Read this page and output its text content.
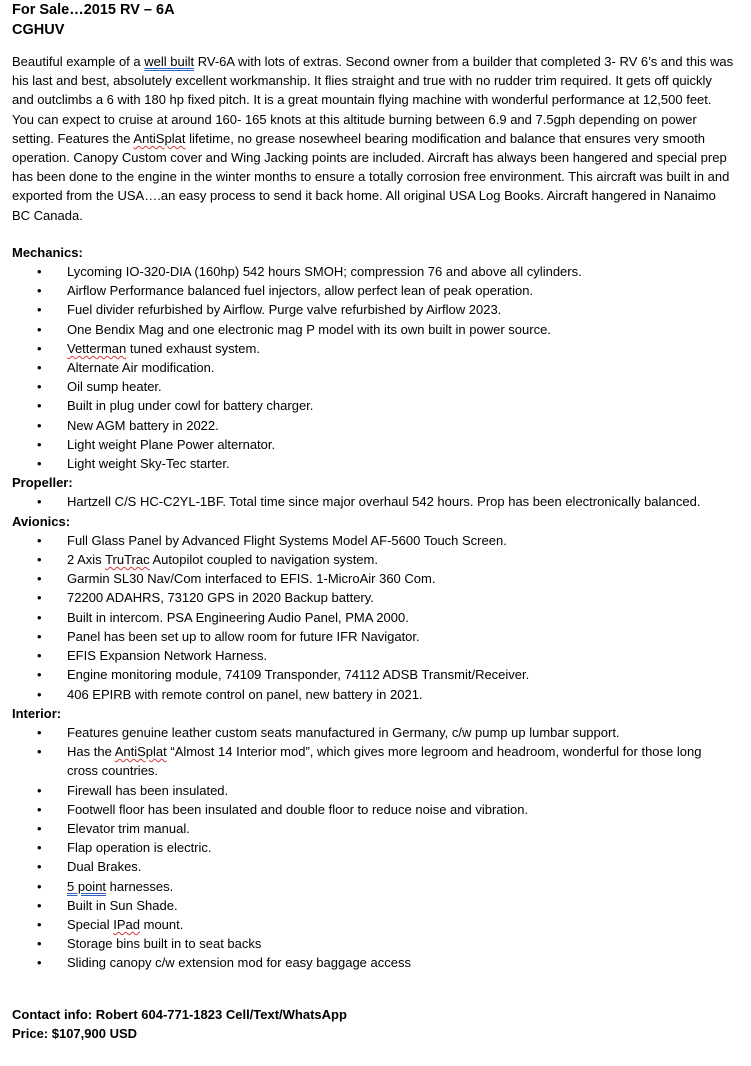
For Sale…2015 RV – 6A
CGHUV
Beautiful example of a well built RV-6A with lots of extras. Second owner from a builder that completed 3- RV 6’s and this was his last and best, absolutely excellent workmanship. It flies straight and true with no rudder trim required. It gets off quickly and outclimbs a 6 with 180 hp fixed pitch. It is a great mountain flying machine with wonderful performance at 12,500 feet. You can expect to cruise at around 160- 165 knots at this altitude burning between 6.9 and 7.5gph depending on power setting. Features the AntiSplat lifetime, no grease nosewheel bearing modification and balance that ensures very smooth operation. Canopy Custom cover and Wing Jacking points are included. Aircraft has always been hangered and special prep has been done to the engine in the winter months to ensure a totally corrosion free environment. This aircraft was built in and exported from the USA….an easy process to send it back home. All original USA Log Books. Aircraft hangered in Nanaimo BC Canada.
Mechanics:
• Lycoming IO-320-DIA (160hp) 542 hours SMOH; compression 76 and above all cylinders.
• Airflow Performance balanced fuel injectors, allow perfect lean of peak operation.
• Fuel divider refurbished by Airflow. Purge valve refurbished by Airflow 2023.
• One Bendix Mag and one electronic mag P model with its own built in power source.
• Vetterman tuned exhaust system.
• Alternate Air modification.
• Oil sump heater.
• Built in plug under cowl for battery charger.
• New AGM battery in 2022.
• Light weight Plane Power alternator.
• Light weight Sky-Tec starter.
Propeller:
• Hartzell C/S HC-C2YL-1BF. Total time since major overhaul 542 hours. Prop has been electronically balanced.
Avionics:
• Full Glass Panel by Advanced Flight Systems Model AF-5600 Touch Screen.
• 2 Axis TruTrac Autopilot coupled to navigation system.
• Garmin SL30 Nav/Com interfaced to EFIS. 1-MicroAir 360 Com.
• 72200 ADAHRS, 73120 GPS in 2020 Backup battery.
• Built in intercom. PSA Engineering Audio Panel, PMA 2000.
• Panel has been set up to allow room for future IFR Navigator.
• EFIS Expansion Network Harness.
• Engine monitoring module, 74109 Transponder, 74112 ADSB Transmit/Receiver.
• 406 EPIRB with remote control on panel, new battery in 2021.
Interior:
• Features genuine leather custom seats manufactured in Germany, c/w pump up lumbar support.
• Has the AntiSplat “Almost 14 Interior mod”, which gives more legroom and headroom, wonderful for those long cross countries.
• Firewall has been insulated.
• Footwell floor has been insulated and double floor to reduce noise and vibration.
• Elevator trim manual.
• Flap operation is electric.
• Dual Brakes.
• 5 point harnesses.
• Built in Sun Shade.
• Special IPad mount.
• Storage bins built in to seat backs
• Sliding canopy c/w extension mod for easy baggage access
Contact info: Robert 604-771-1823 Cell/Text/WhatsApp
Price: $107,900 USD
